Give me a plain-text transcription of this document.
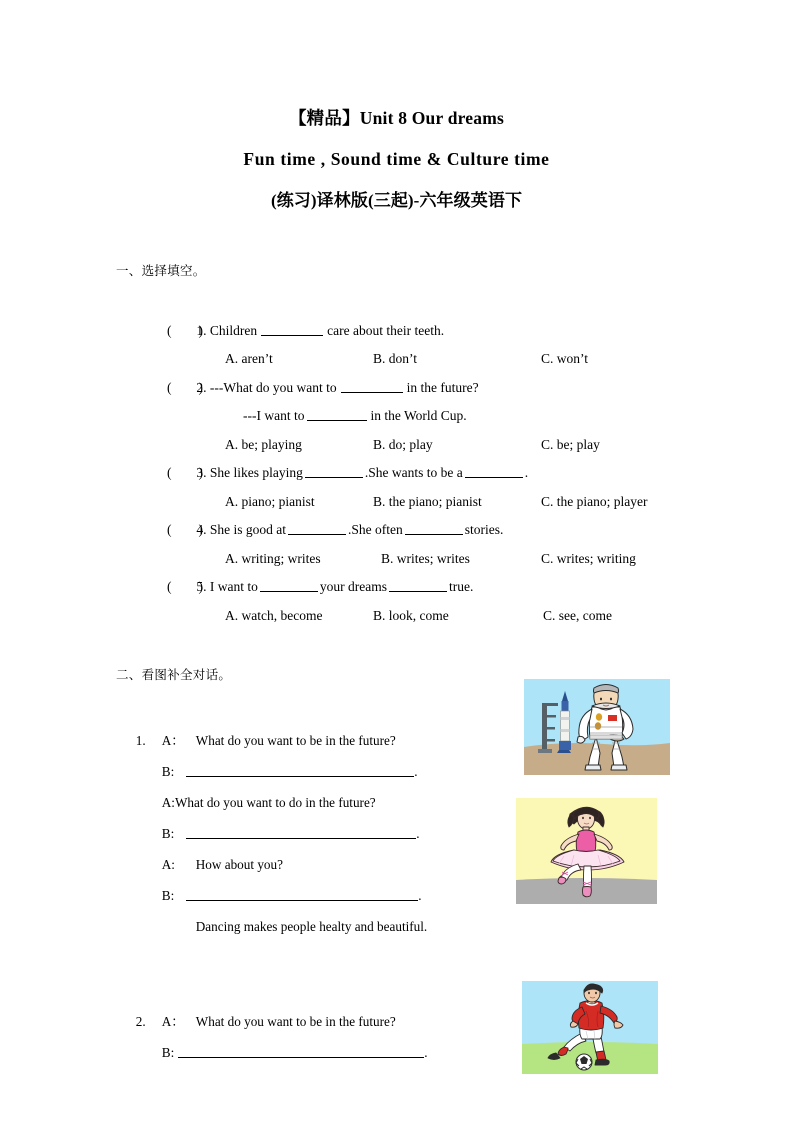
【精品】Unit 8 Our dreams
Fun time , Sound time & Culture time
(练习)译林版(三起)-六年级英语下
一、选择填空。

(        ) 1. Children	care about their teeth.

A. aren’t	B. don’t	C. won’t

(        ) 2. ---What do you want to	in the future?

---I want to	in the World Cup.

A. be; playing	B. do; play	C. be; play

(        ) 3. She likes playing	.She wants to be a	.

A. piano; pianist	B. the piano; pianist	C. the piano; player

(        ) 4. She is good at	.She often	stories.

A. writing; writes	B. writes; writes	C. writes; writing

(        ) 5. I want to	your dreams	true.

A. watch, become	B. look, come	C. see, come

二、看图补全对话。

1. A： What do you want to be in the future?

B:	.

A:What do you want to do in the future?

B:	.

A: How about you?

B:	.

Dancing makes people healty and beautiful.

2. A： What do you want to be in the future?

B:	.
